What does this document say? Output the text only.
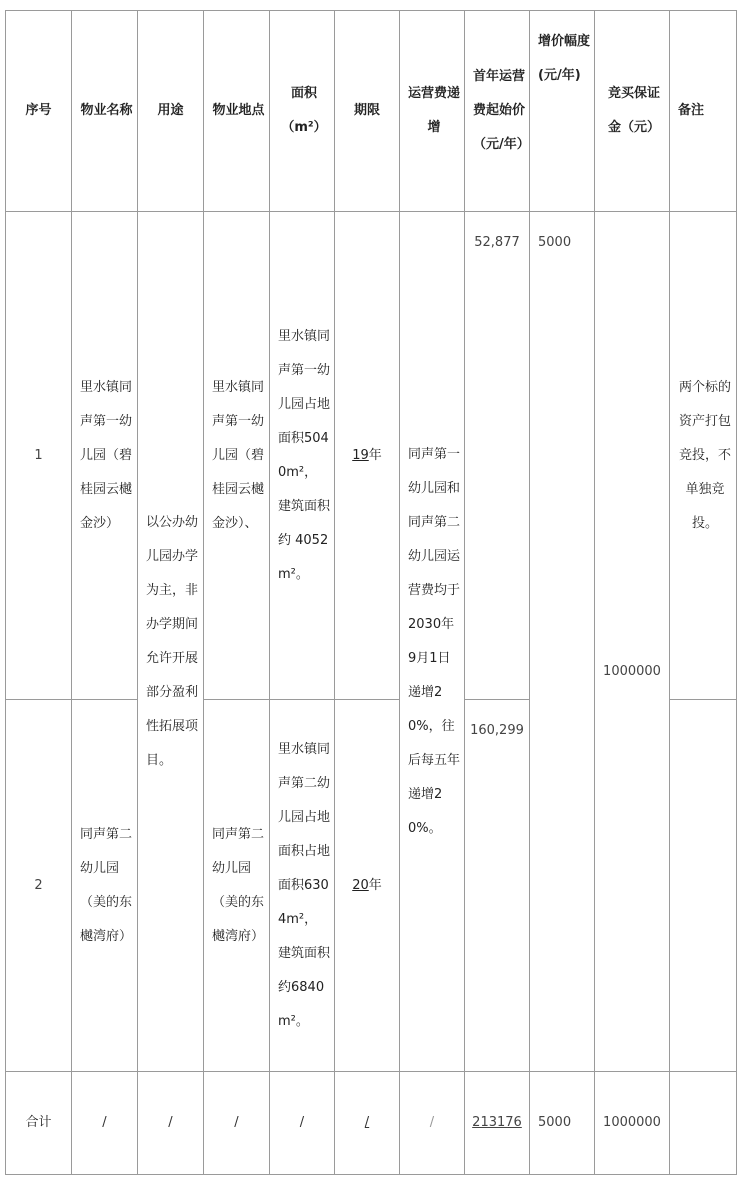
序号	物业名称	用途	物业地点	面积（m²）	期限	运营费递增	首年运营费起始价（元/年）	增价幅度(元/年)	竞买保证金（元）	备注
1	里水镇同声第一幼儿园（碧桂园云樾金沙）	以公办幼儿园办学为主，非办学期间允许开展部分盈利性拓展项目。	里水镇同声第一幼儿园（碧桂园云樾金沙）、	里水镇同声第一幼儿园占地面积5040m²，建筑面积约 4052m²。	19年	同声第一幼儿园和同声第二幼儿园运营费均于2030年9月1日递增20%，往后每五年递增20%。	52,877	5000	1000000	两个标的资产打包竞投，不单独竞投。
2	同声第二幼儿园（美的东樾湾府）		同声第二幼儿园（美的东樾湾府）	里水镇同声第二幼儿园占地面积占地面积6304m²，建筑面积约6840m²。	20年		160,299			
合计	/	/	/	/	/	/	213176	5000	1000000	
